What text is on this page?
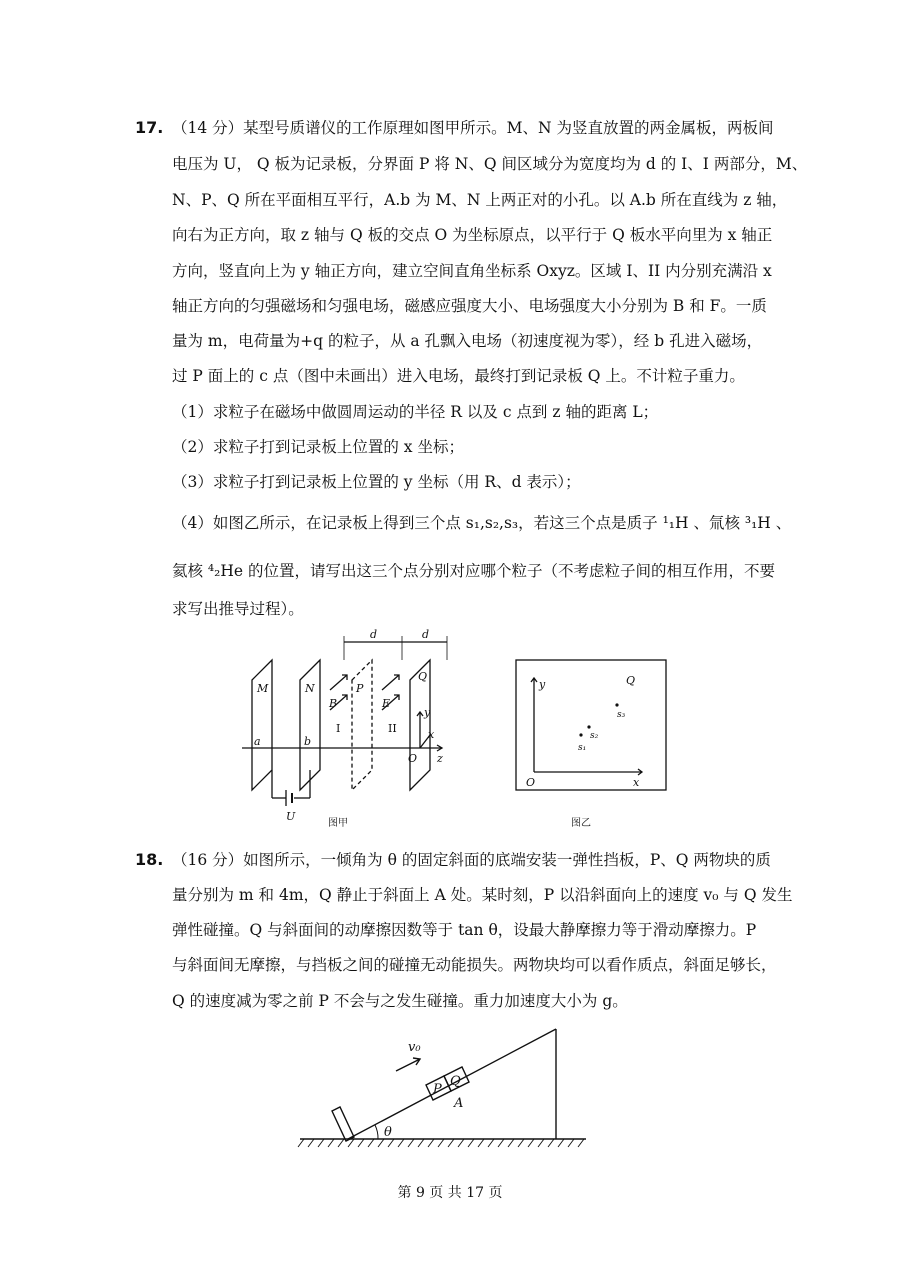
17. （14 分）某型号质谱仪的工作原理如图甲所示。M、N 为竖直放置的两金属板，两板间
电压为 U， Q 板为记录板，分界面 P 将 N、Q 间区域分为宽度均为 d 的 I、I 两部分，M、
N、P、Q 所在平面相互平行，A.b 为 M、N 上两正对的小孔。以 A.b 所在直线为 z 轴，
向右为正方向，取 z 轴与 Q 板的交点 O 为坐标原点，以平行于 Q 板水平向里为 x 轴正
方向，竖直向上为 y 轴正方向，建立空间直角坐标系 Oxyz。区域 I、II 内分别充满沿 x
轴正方向的匀强磁场和匀强电场，磁感应强度大小、电场强度大小分别为 B 和 F。一质
量为 m，电荷量为+q 的粒子，从 a 孔飘入电场（初速度视为零），经 b 孔进入磁场，
过 P 面上的 c 点（图中未画出）进入电场，最终打到记录板 Q 上。不计粒子重力。
（1）求粒子在磁场中做圆周运动的半径 R 以及 c 点到 z 轴的距离 L；
（2）求粒子打到记录板上位置的 x 坐标；
（3）求粒子打到记录板上位置的 y 坐标（用 R、d 表示）；
（4）如图乙所示，在记录板上得到三个点 s₁,s₂,s₃，若这三个点是质子 ¹₁H 、氚核 ³₁H 、
氦核 ⁴₂He 的位置，请写出这三个点分别对应哪个粒子（不考虑粒子间的相互作用，不要
求写出推导过程）。
d	d
M	N	P
Q
B	E
I	II
z
a	b
O
y
x
U
图甲
y
x
O
Q
s₁
s₂
s₃
图乙
18. （16 分）如图所示，一倾角为 θ 的固定斜面的底端安装一弹性挡板，P、Q 两物块的质
量分别为 m 和 4m，Q 静止于斜面上 A 处。某时刻，P 以沿斜面向上的速度 v₀ 与 Q 发生
弹性碰撞。Q 与斜面间的动摩擦因数等于 tan θ，设最大静摩擦力等于滑动摩擦力。P
与斜面间无摩擦，与挡板之间的碰撞无动能损失。两物块均可以看作质点，斜面足够长，
Q 的速度减为零之前 P 不会与之发生碰撞。重力加速度大小为 g。
θ
P
Q
A
v₀
第 9 页 共 17 页
